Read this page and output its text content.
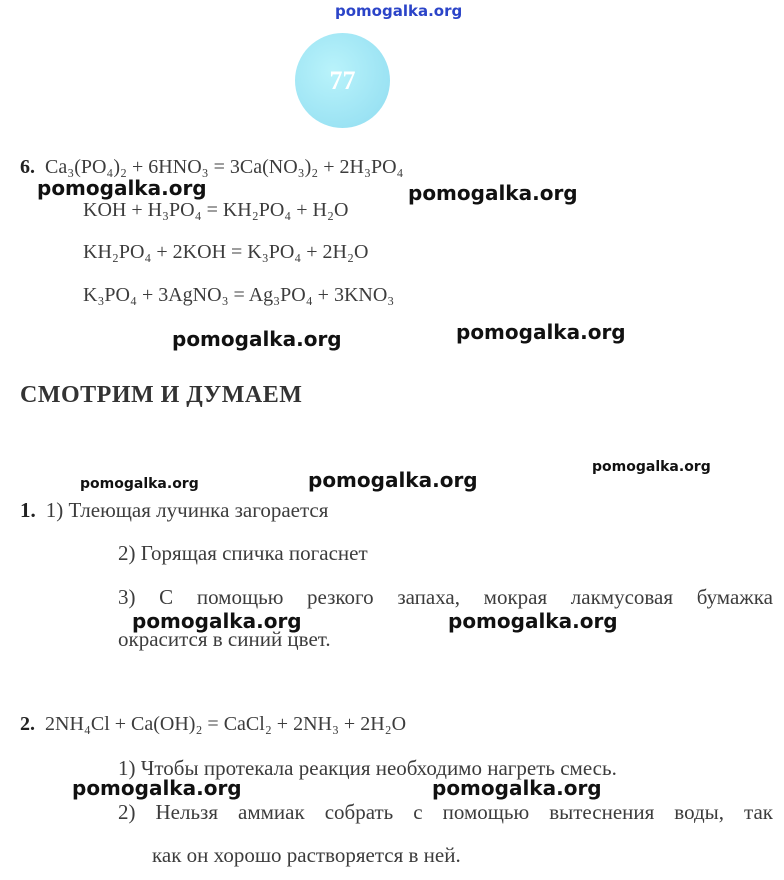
pomogalka.org
77
6. Ca₃(PO₄)₂ + 6HNO₃ = 3Ca(NO₃)₂ + 2H₃PO₄
pomogalka.org	pomogalka.org
KOH + H₃PO₄ = KH₂PO₄ + H₂O
KH₂PO₄ + 2KOH = K₃PO₄ + 2H₂O
K₃PO₄ + 3AgNO₃ = Ag₃PO₄ + 3KNO₃
pomogalka.org	pomogalka.org
СМОТРИМ И ДУМАЕМ
pomogalka.org	pomogalka.org
pomogalka.org
1. 1) Тлеющая лучинка загорается
2) Горящая спичка погаснет
3) С помощью резкого запаха, мокрая лакмусовая бумажка
pomogalka.org	pomogalka.org
окрасится в синий цвет.
2. 2NH₄Cl + Ca(OH)₂ = CaCl₂ + 2NH₃ + 2H₂O
1) Чтобы протекала реакция необходимо нагреть смесь.
pomogalka.org	pomogalka.org
2) Нельзя аммиак собрать с помощью вытеснения воды, так
как он хорошо растворяется в ней.
